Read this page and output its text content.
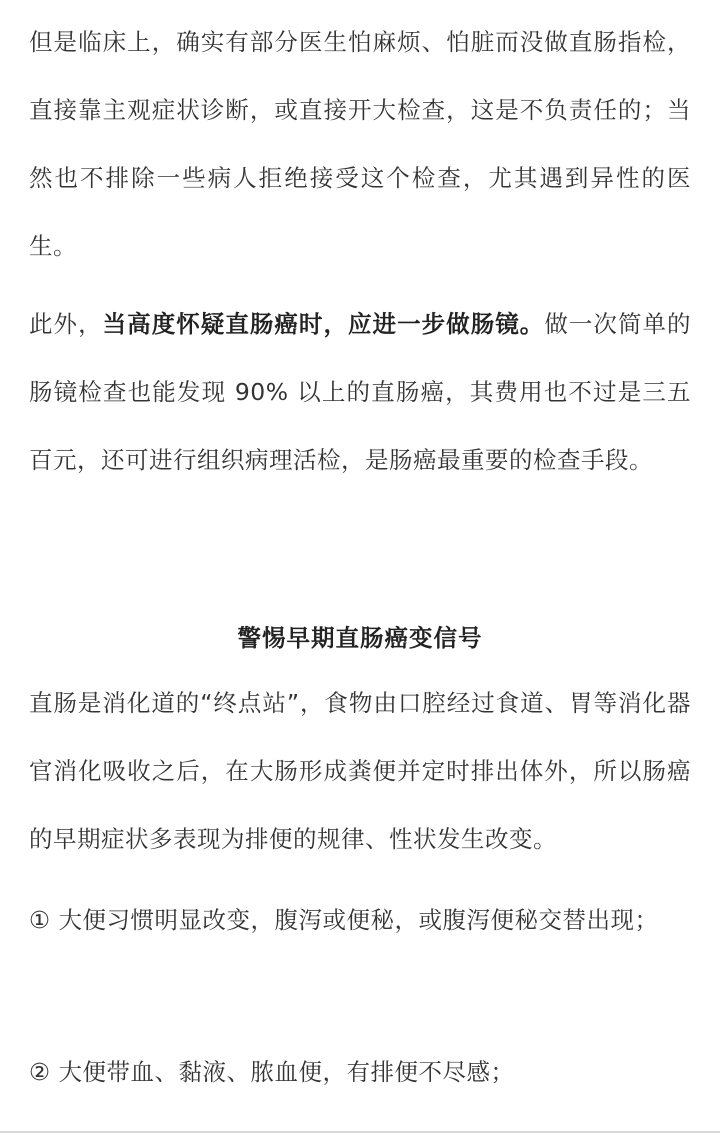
但是临床上，确实有部分医生怕麻烦、怕脏而没做直肠指检，直接靠主观症状诊断，或直接开大检查，这是不负责任的；当然也不排除一些病人拒绝接受这个检查，尤其遇到异性的医生。

此外，当高度怀疑直肠癌时，应进一步做肠镜。做一次简单的肠镜检查也能发现 90% 以上的直肠癌，其费用也不过是三五百元，还可进行组织病理活检，是肠癌最重要的检查手段。

警惕早期直肠癌变信号

直肠是消化道的“终点站”，食物由口腔经过食道、胃等消化器官消化吸收之后，在大肠形成粪便并定时排出体外，所以肠癌的早期症状多表现为排便的规律、性状发生改变。

① 大便习惯明显改变，腹泻或便秘，或腹泻便秘交替出现；

② 大便带血、黏液、脓血便，有排便不尽感；
